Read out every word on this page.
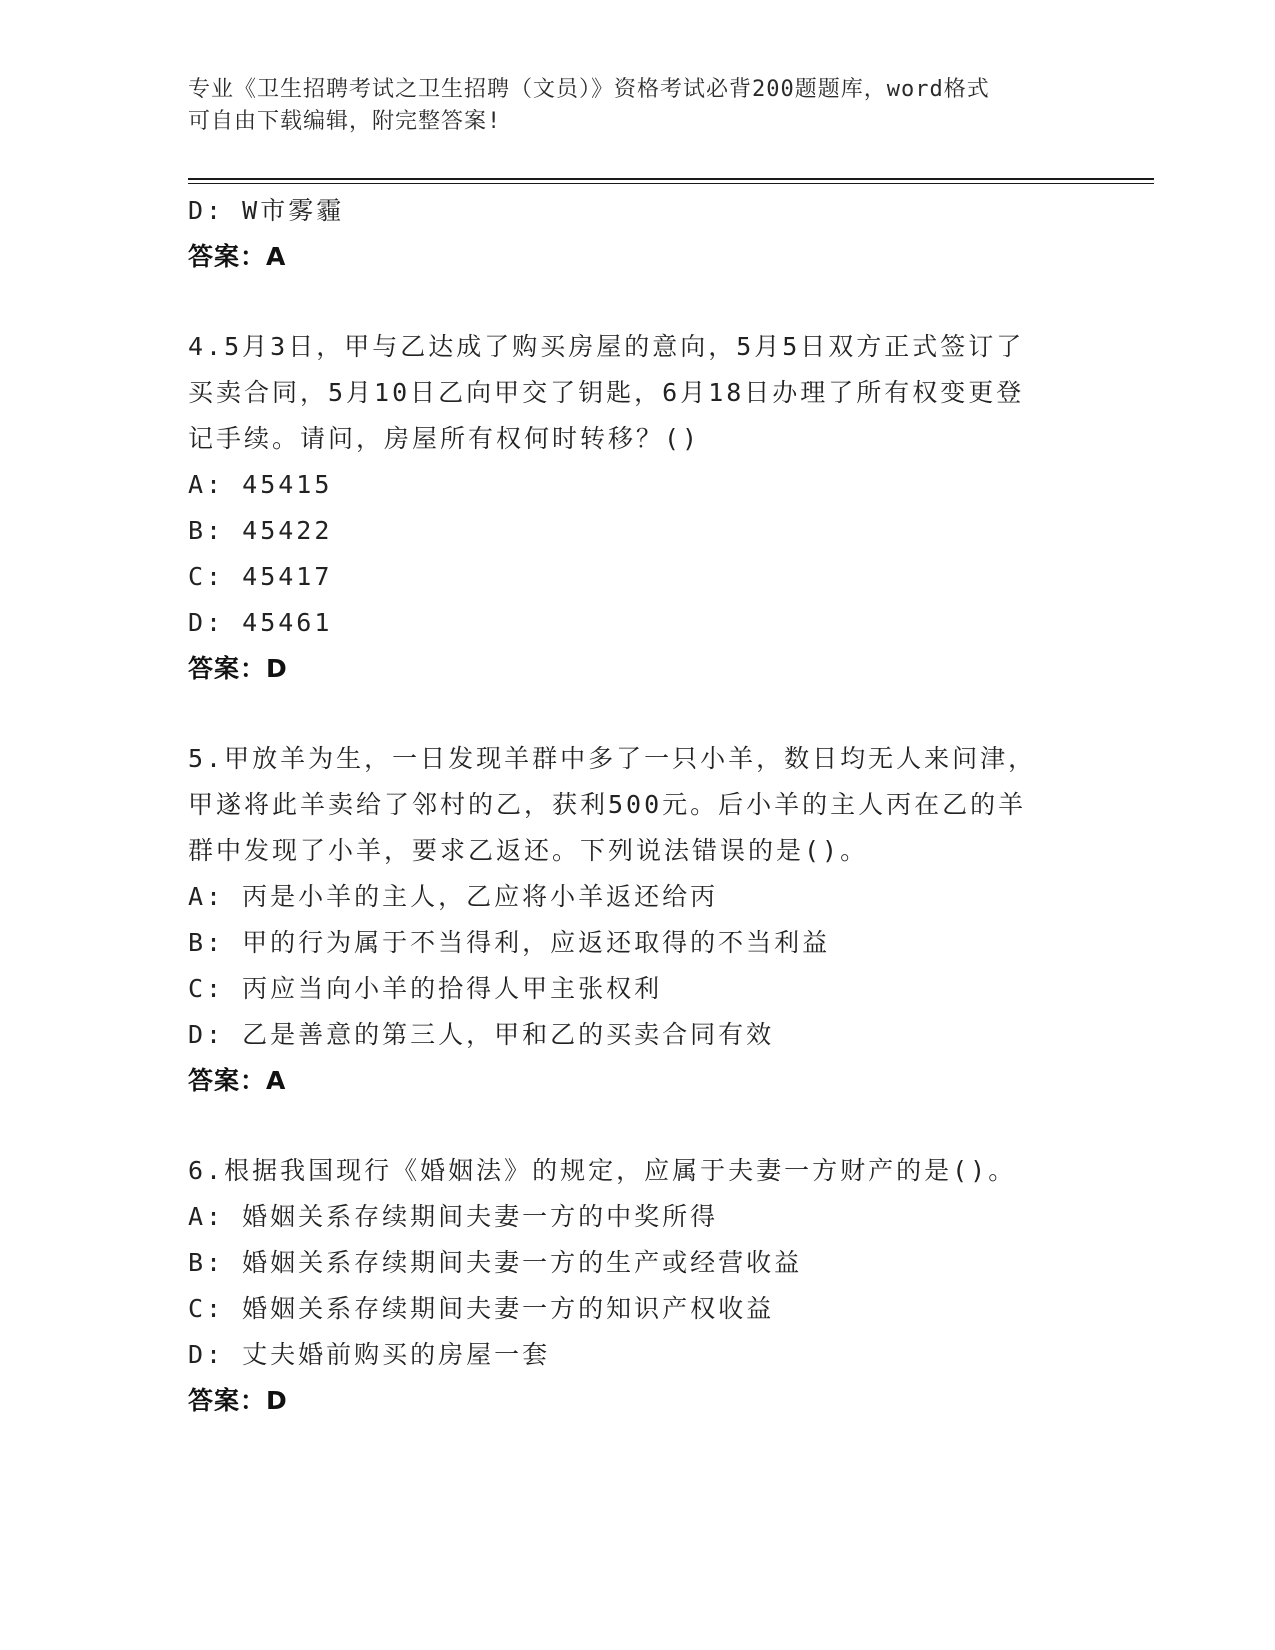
专业《卫生招聘考试之卫生招聘（文员）》资格考试必背200题题库，word格式
可自由下载编辑，附完整答案!
D: W市雾霾
答案：A
4.5月3日，甲与乙达成了购买房屋的意向，5月5日双方正式签订了
买卖合同，5月10日乙向甲交了钥匙，6月18日办理了所有权变更登
记手续。请问，房屋所有权何时转移？()
A: 45415
B: 45422
C: 45417
D: 45461
答案：D
5.甲放羊为生，一日发现羊群中多了一只小羊，数日均无人来问津，
甲遂将此羊卖给了邻村的乙，获利500元。后小羊的主人丙在乙的羊
群中发现了小羊，要求乙返还。下列说法错误的是()。
A: 丙是小羊的主人，乙应将小羊返还给丙
B: 甲的行为属于不当得利，应返还取得的不当利益
C: 丙应当向小羊的拾得人甲主张权利
D: 乙是善意的第三人，甲和乙的买卖合同有效
答案：A
6.根据我国现行《婚姻法》的规定，应属于夫妻一方财产的是()。
A: 婚姻关系存续期间夫妻一方的中奖所得
B: 婚姻关系存续期间夫妻一方的生产或经营收益
C: 婚姻关系存续期间夫妻一方的知识产权收益
D: 丈夫婚前购买的房屋一套
答案：D
